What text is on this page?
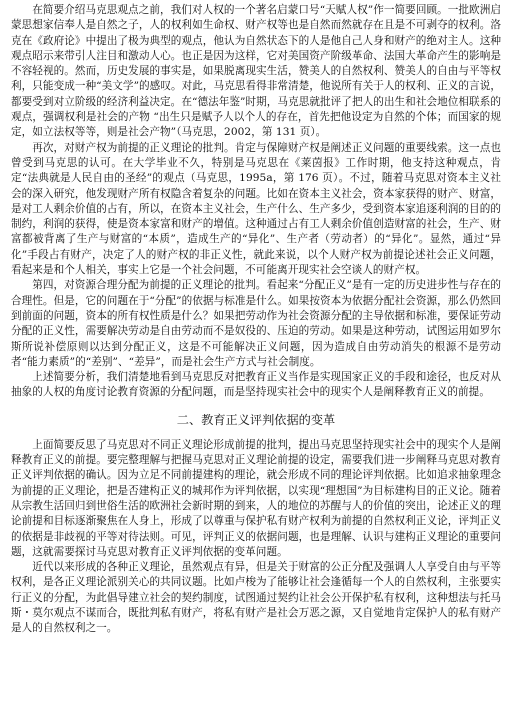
在简要介绍马克思观点之前，我们对人权的一个著名启蒙口号“天赋人权”作一简要回顾。一批欧洲启蒙思想家信奉人是自然之子，人的权利如生命权、财产权等也是自然而然就存在且是不可剥夺的权利。洛克在《政府论》中提出了极为典型的观点，他认为自然状态下的人是他自己人身和财产的绝对主人。这种观点昭示来带引人注目和激动人心。也正是因为这样，它对美国资产阶级革命、法国大革命产生的影响是不容轻视的。然而，历史发展的事实是，如果脱离现实生活，赞美人的自然权利、赞美人的自由与平等权利，只能变成一种“美文学”的感叹。对此，马克思看得非常清楚，他说所有关于人的权利、正义的言说，都要受到对立阶级的经济利益决定。在“德法年鉴”时期，马克思就批评了把人的出生和社会地位相联系的观点，强调权利是社会的产物 “出生只是赋予人以个人的存在，首先把他设定为自然的个体；而国家的规定，如立法权等等，则是社会产物”（马克思，2002，第 131 页）。

再次，对财产权为前提的正义理论的批判。肯定与保障财产权是阐述正义问题的重要线索。这一点也曾受到马克思的认可。在大学毕业不久，特别是马克思在《莱茵报》工作时期，他支持这种观点，肯定“法典就是人民自由的圣经”的观点（马克思，1995a，第 176 页）。不过，随着马克思对资本主义社会的深入研究，他发现财产所有权隐含着复杂的问题。比如在资本主义社会，资本家获得的财产、财富，是对工人剩余价值的占有，所以，在资本主义社会，生产什么、生产多少，受到资本家追逐利润的目的的制约，利润的获得，使是资本家富和财产的增值。这种通过占有工人剩余价值创造财富的社会，生产、财富都被背离了生产与财富的“本质”，造成生产的“异化”、生产者（劳动者）的“异化”。显然，通过“异化”手段占有财产，决定了人的财产权的非正义性，就此来说，以个人财产权为前提论述社会正义问题，看起来是和个人相关，事实上它是一个社会问题，不可能离开现实社会空谈人的财产权。

第四，对资源合理分配为前提的正义理论的批判。看起来“分配正义”是有一定的历史进步性与存在的合理性。但是，它的问题在于“分配”的依据与标准是什么。如果按资本为依据分配社会资源，那么仍然回到前面的问题，资本的所有权性质是什么？如果把劳动作为社会资源分配的主导依据和标准，要保证劳动分配的正义性，需要解决劳动是自由劳动而不是奴役的、压迫的劳动。如果是这种劳动，试图运用如罗尔斯所说补偿原则以达到分配正义，这是不可能解决正义问题，因为造成自由劳动消失的根源不是劳动者“能力素质”的“差别”、“差异”，而是社会生产方式与社会制度。

上述简要分析，我们清楚地看到马克思反对把教育正义当作是实现国家正义的手段和途径，也反对从抽象的人权的角度讨论教育资源的分配问题，而是坚持现实社会中的现实个人是阐释教育正义的前提。

二、教育正义评判依据的变革

上面简要反思了马克思对不同正义理论形成前提的批判，提出马克思坚持现实社会中的现实个人是阐释教育正义的前提。要完整理解与把握马克思对正义理论前提的设定，需要我们进一步阐释马克思对教育正义评判依据的确认。因为立足不同前提建构的理论，就会形成不同的理论评判依据。比如追求抽象理念为前提的正义理论，把是否建构正义的城邦作为评判依据，以实现“理想国”为目标建构目的正义论。随着从宗教生活回归到世俗生活的欧洲社会新时期的到来，人的地位的苏醒与人的价值的突出，论述正义的理论前提和目标逐渐聚焦在人身上，形成了以尊重与保护私有财产权利为前提的自然权利正义论，评判正义的依据是非歧视的平等对待法则。可见，评判正义的依据问题，也是理解、认识与建构正义理论的重要问题，这就需要探讨马克思对教育正义评判依据的变革问题。

近代以来形成的各种正义理论，虽然观点有异，但是关于财富的公正分配及强调人人享受自由与平等权利，是各正义理论派别关心的共同议题。比如卢梭为了能够让社会逢循每一个人的自然权利，主张要实行正义的分配，为此倡导建立社会的契约制度，试图通过契约让社会公开保护私有权利，这种想法与托马斯・莫尔观点不谋而合，既批判私有财产，将私有财产是社会万恶之源，又自觉地肯定保护人的私有财产是人的自然权利之一。
